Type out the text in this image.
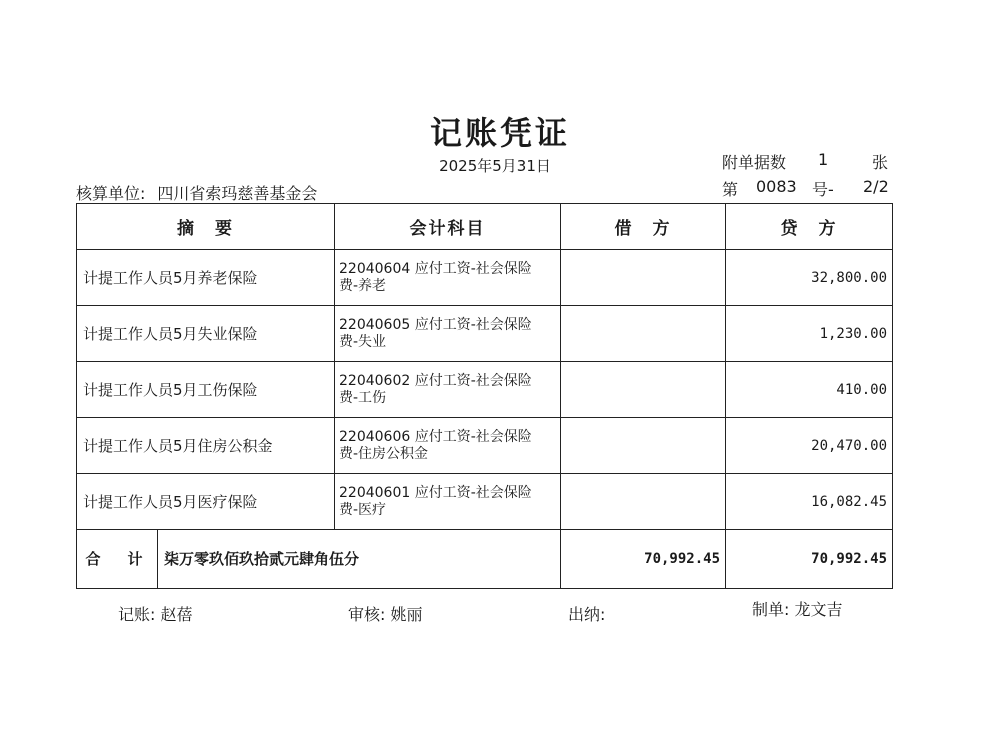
记账凭证
2025年5月31日	附单据数 1	张
第 0083 号- 2/2
核算单位: 四川省索玛慈善基金会
摘　要	会计科目	借　方	贷　方
计提工作人员5月养老保险	22040604 应付工资-社会保险
费-养老		32,800.00
计提工作人员5月失业保险	22040605 应付工资-社会保险
费-失业		1,230.00
计提工作人员5月工伤保险	22040602 应付工资-社会保险
费-工伤		410.00
计提工作人员5月住房公积金	22040606 应付工资-社会保险
费-住房公积金		20,470.00
计提工作人员5月医疗保险	22040601 应付工资-社会保险
费-医疗		16,082.45
合　计 柒万零玖佰玖拾贰元肆角伍分		70,992.45	70,992.45
记账: 赵蓓	审核: 姚丽	出纳:	制单: 龙文吉
